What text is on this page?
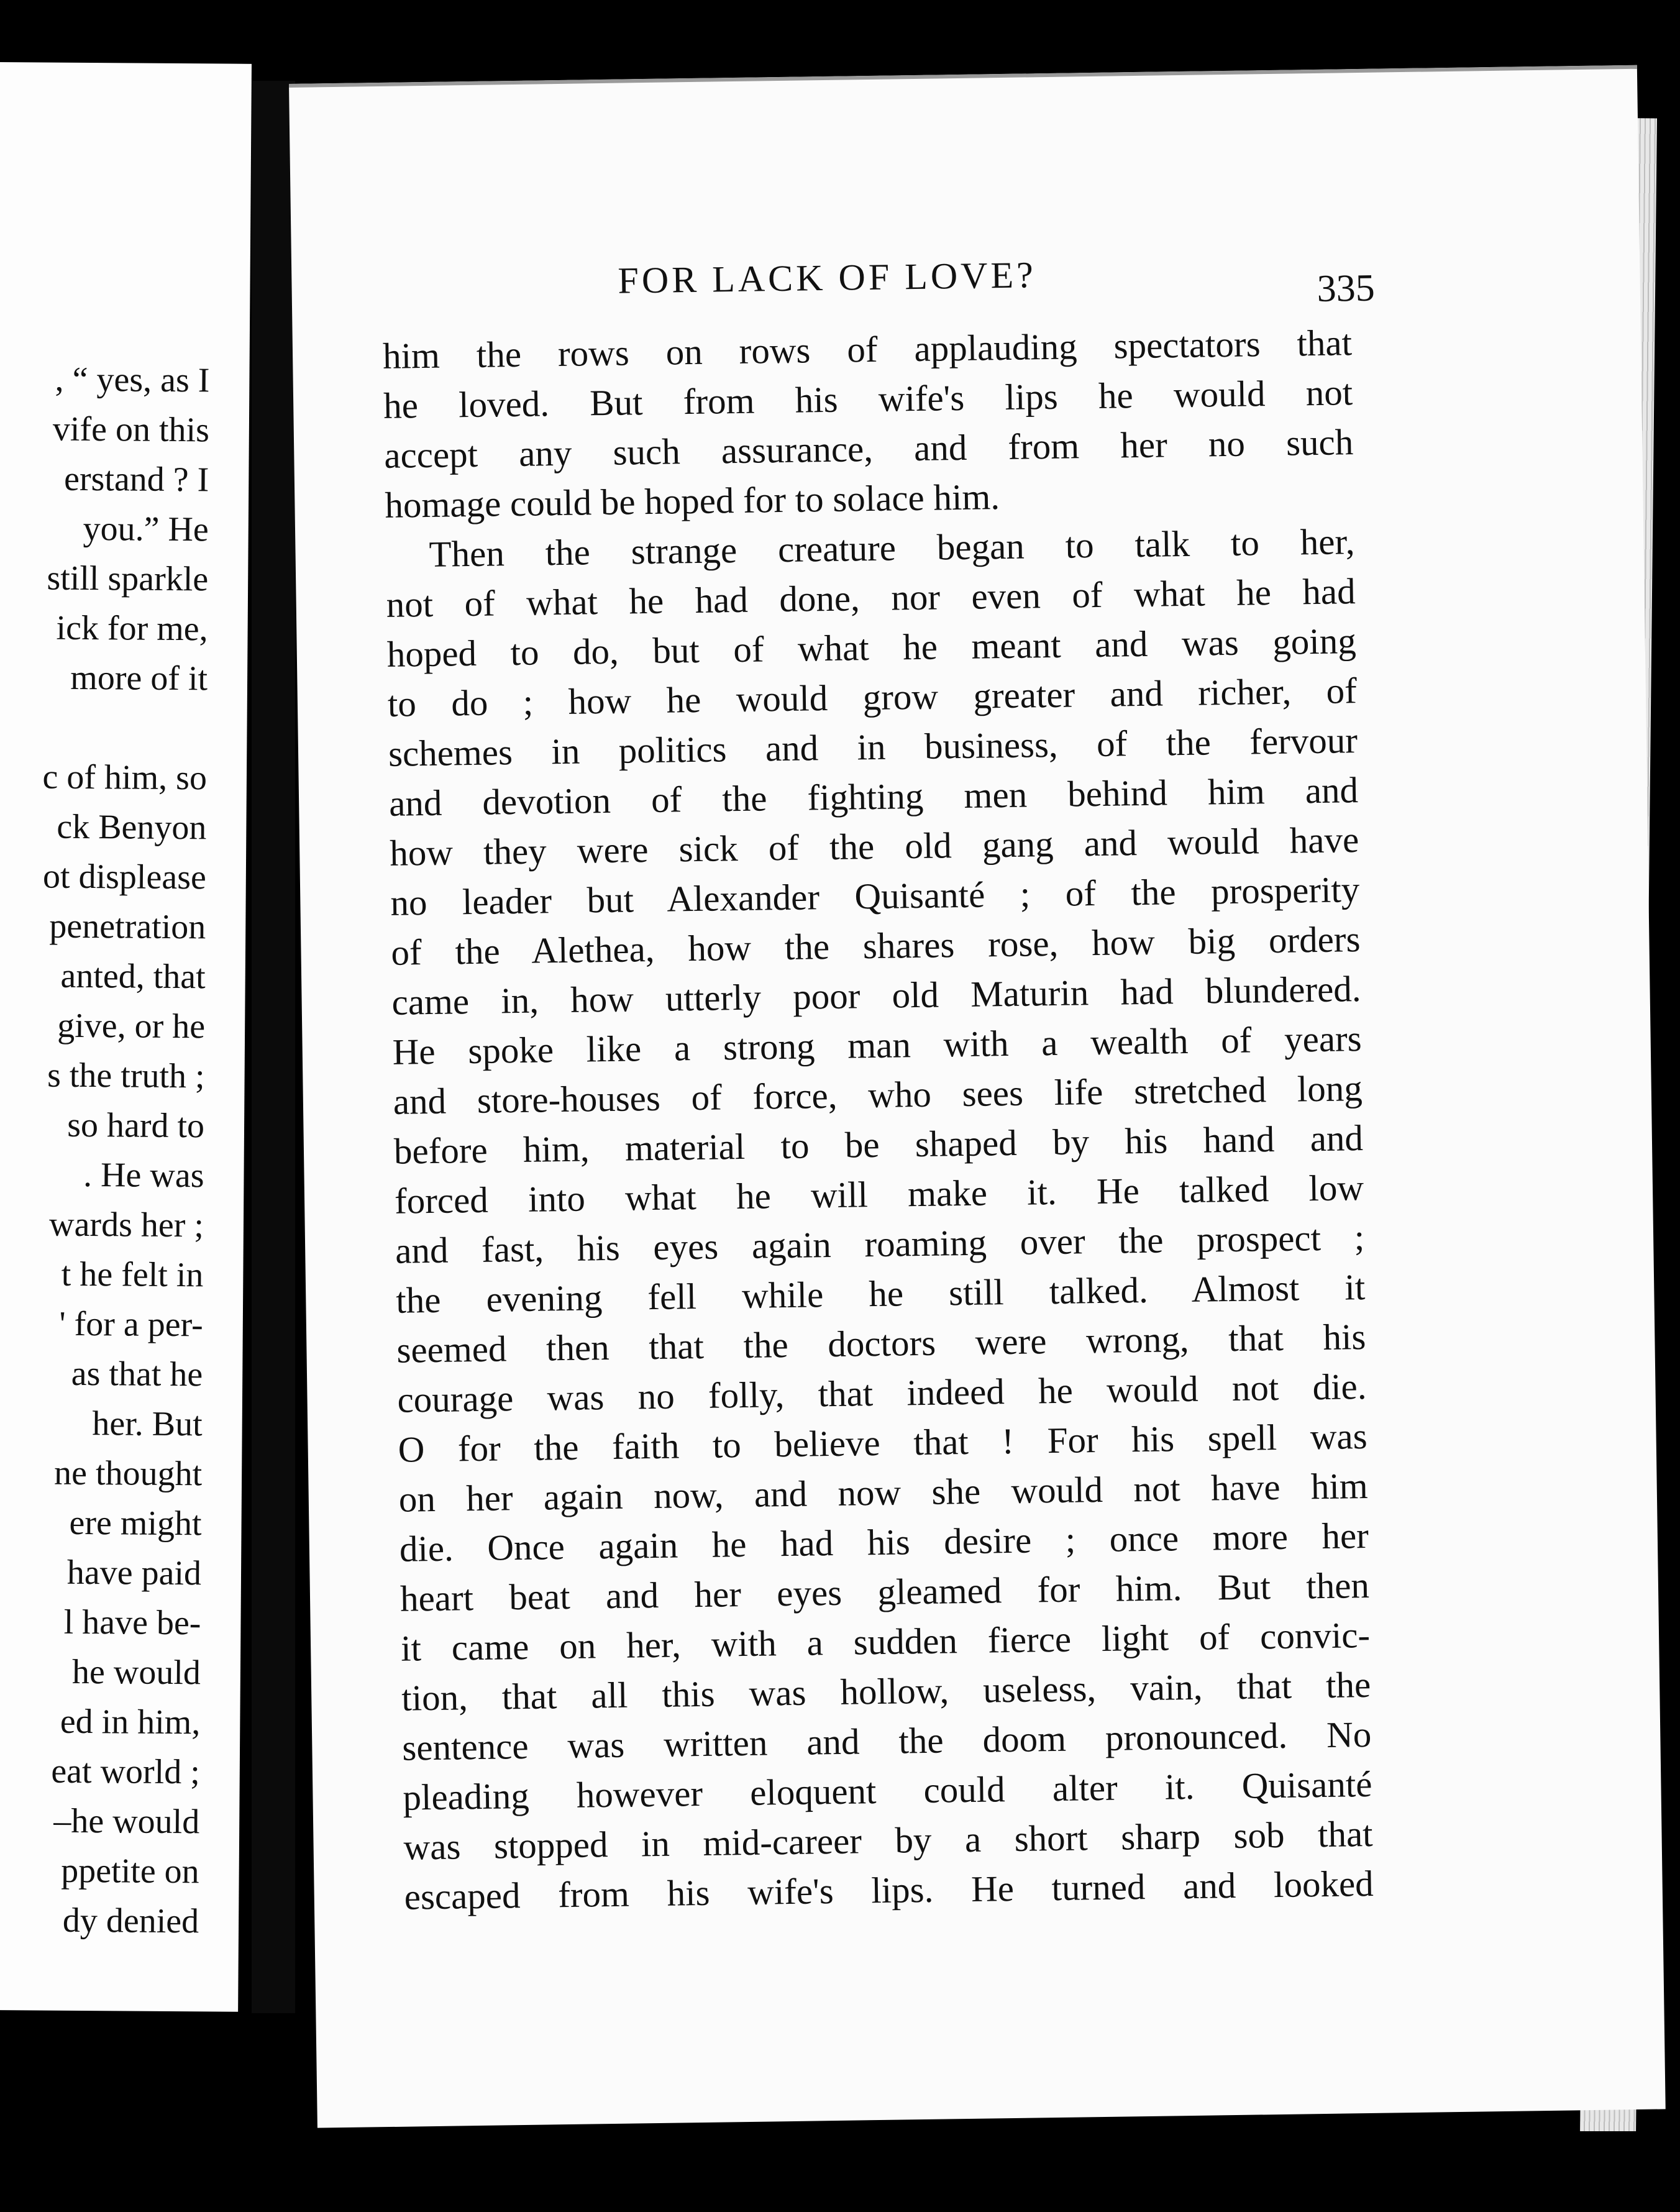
, “ yes, as I
vife on this
erstand ? I
you.” He
still sparkle
ick for me,
more of it
c of him, so
ck Benyon
ot displease
penetration
anted, that
give, or he
s the truth ;
so hard to
. He was
wards her ;
t he felt in
' for a per-
as that he
her. But
ne thought
ere might
have paid
l have be-
he would
ed in him,
eat world ;
–he would
ppetite on
dy denied
FOR LACK OF LOVE?	335
him the rows on rows of applauding spectators that
he loved. But from his wife's lips he would not
accept any such assurance, and from her no such
homage could be hoped for to solace him.
Then the strange creature began to talk to her,
not of what he had done, nor even of what he had
hoped to do, but of what he meant and was going
to do ; how he would grow greater and richer, of
schemes in politics and in business, of the fervour
and devotion of the fighting men behind him and
how they were sick of the old gang and would have
no leader but Alexander Quisanté ; of the prosperity
of the Alethea, how the shares rose, how big orders
came in, how utterly poor old Maturin had blundered.
He spoke like a strong man with a wealth of years
and store-houses of force, who sees life stretched long
before him, material to be shaped by his hand and
forced into what he will make it. He talked low
and fast, his eyes again roaming over the prospect ;
the evening fell while he still talked. Almost it
seemed then that the doctors were wrong, that his
courage was no folly, that indeed he would not die.
O for the faith to believe that ! For his spell was
on her again now, and now she would not have him
die. Once again he had his desire ; once more her
heart beat and her eyes gleamed for him. But then
it came on her, with a sudden fierce light of convic-
tion, that all this was hollow, useless, vain, that the
sentence was written and the doom pronounced. No
pleading however eloquent could alter it. Quisanté
was stopped in mid-career by a short sharp sob that
escaped from his wife's lips. He turned and looked
